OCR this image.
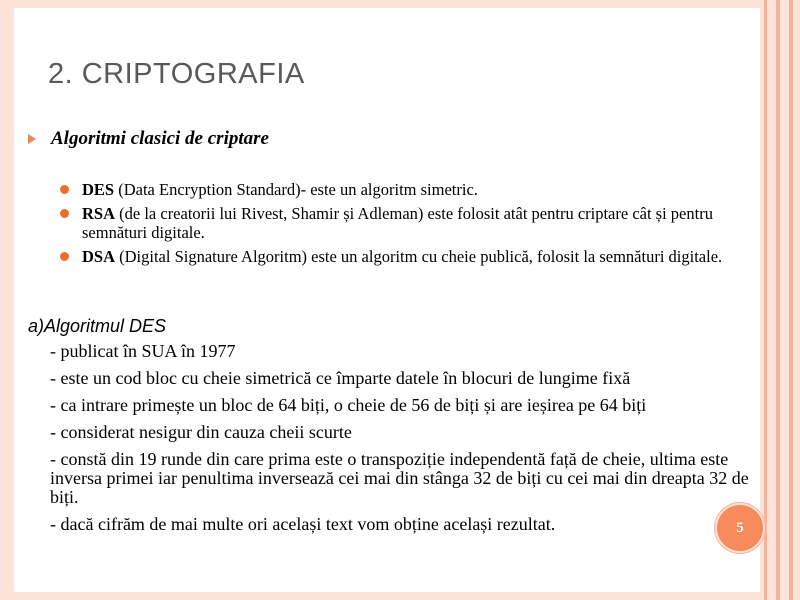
2. CRIPTOGRAFIA
Algoritmi clasici de criptare
DES (Data Encryption Standard)- este un algoritm simetric.
RSA (de la creatorii lui Rivest, Shamir și Adleman) este folosit atât pentru criptare cât și pentru semnături digitale.
DSA (Digital Signature Algoritm) este un algoritm cu cheie publică, folosit la semnături digitale.
a)Algoritmul DES
- publicat în SUA în 1977
- este un cod bloc cu cheie simetrică ce împarte datele în blocuri de lungime fixă
- ca intrare primește un bloc de 64 biți, o cheie de 56 de biți și are ieșirea pe 64 biți
- considerat nesigur din cauza cheii scurte
- constă din 19 runde din care prima este o transpoziție independentă față de cheie, ultima este inversa primei iar penultima inversează cei mai din stânga 32 de biți cu cei mai din dreapta 32 de biți.
- dacă cifrăm de mai multe ori același text vom obține același rezultat.	5
